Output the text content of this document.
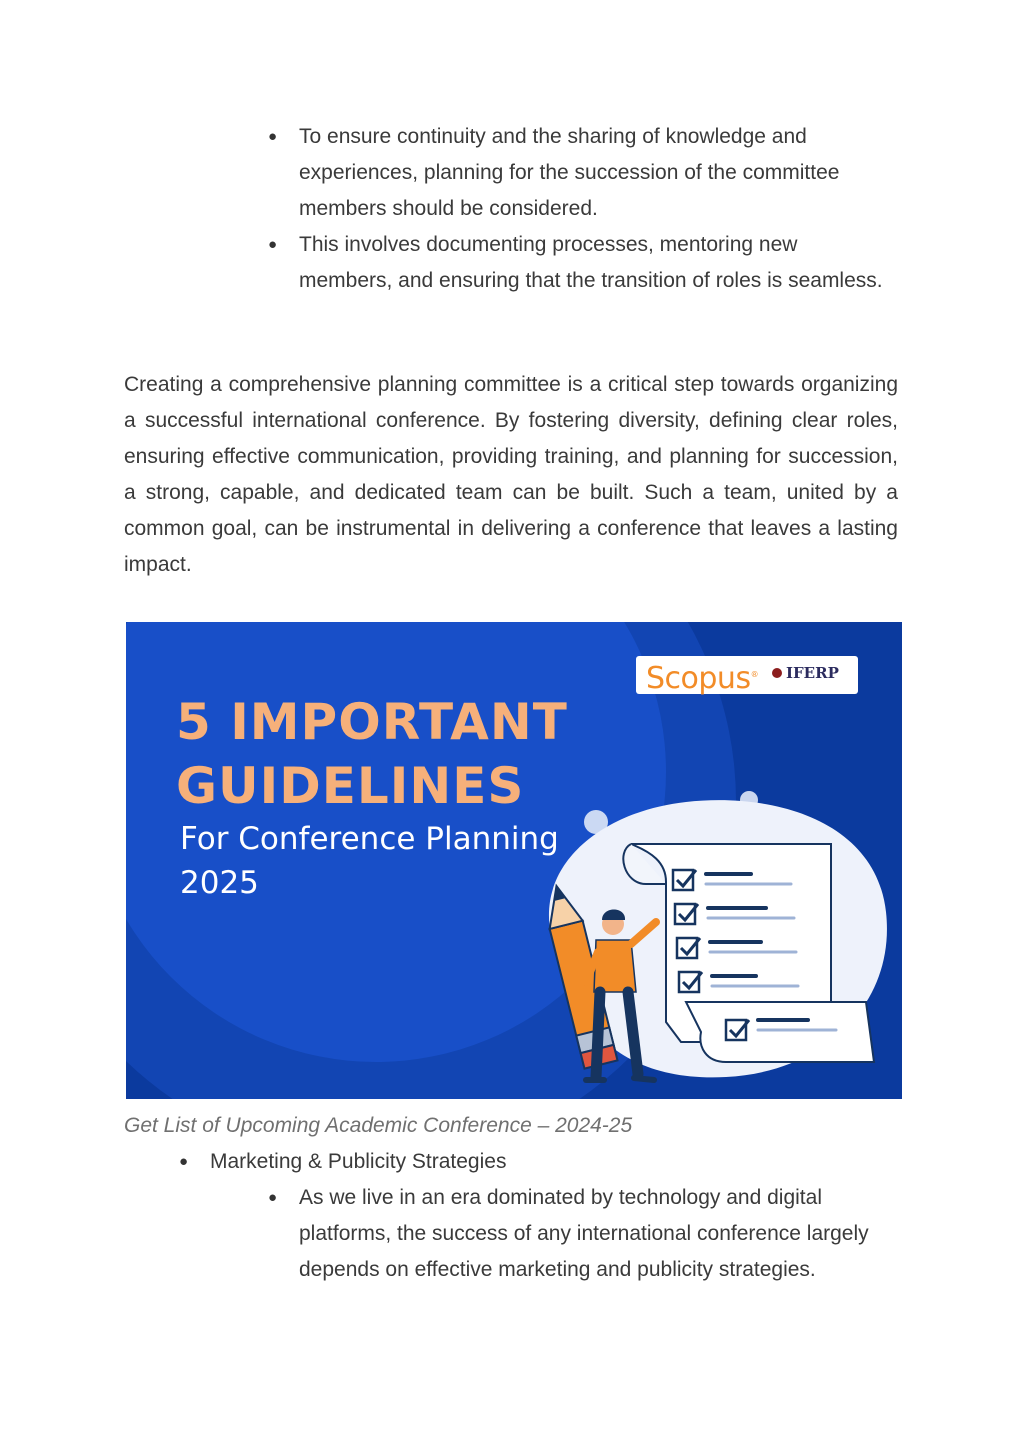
● To ensure continuity and the sharing of knowledge and experiences, planning for the succession of the committee members should be considered.
● This involves documenting processes, mentoring new members, and ensuring that the transition of roles is seamless.

Creating a comprehensive planning committee is a critical step towards organizing a successful international conference. By fostering diversity, defining clear roles, ensuring effective communication, providing training, and planning for succession, a strong, capable, and dedicated team can be built. Such a team, united by a common goal, can be instrumental in delivering a conference that leaves a lasting impact.

Scopus® IFERP
5 IMPORTANT
GUIDELINES
For Conference Planning
2025

Get List of Upcoming Academic Conference – 2024-25

● Marketing & Publicity Strategies
● As we live in an era dominated by technology and digital platforms, the success of any international conference largely depends on effective marketing and publicity strategies.
